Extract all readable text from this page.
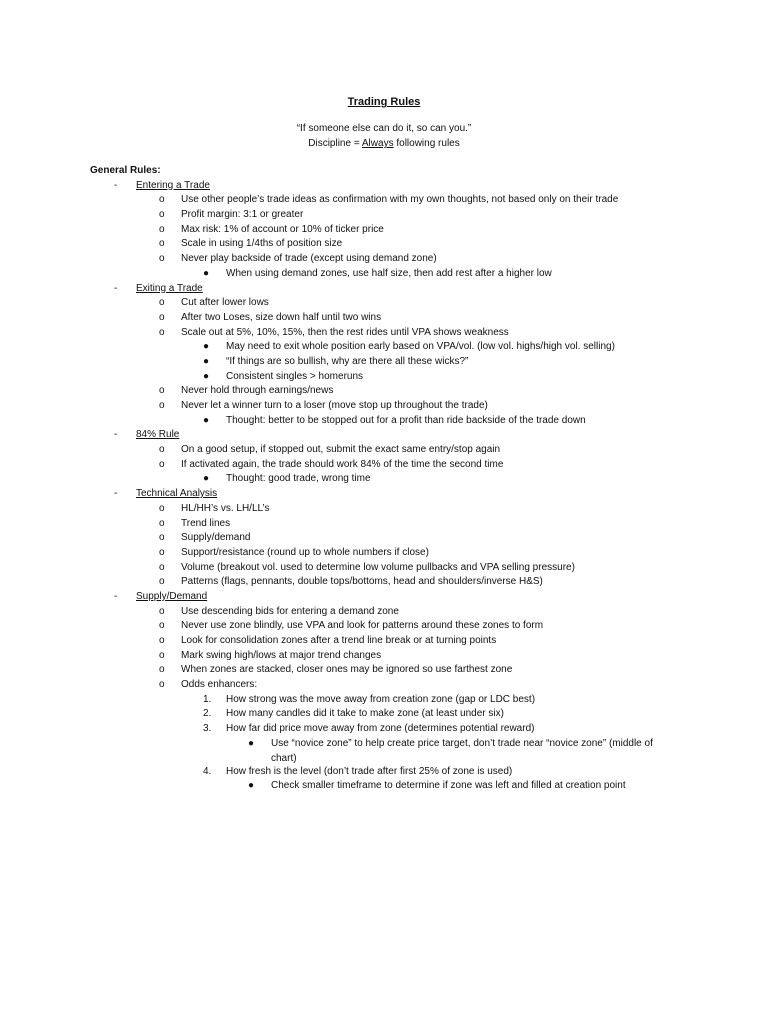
Trading Rules
“If someone else can do it, so can you.”
Discipline = Always following rules
General Rules:
- Entering a Trade
o Use other people’s trade ideas as confirmation with my own thoughts, not based only on their trade
o Profit margin: 3:1 or greater
o Max risk: 1% of account or 10% of ticker price
o Scale in using 1/4ths of position size
o Never play backside of trade (except using demand zone)
● When using demand zones, use half size, then add rest after a higher low
- Exiting a Trade
o Cut after lower lows
o After two Loses, size down half until two wins
o Scale out at 5%, 10%, 15%, then the rest rides until VPA shows weakness
● May need to exit whole position early based on VPA/vol. (low vol. highs/high vol. selling)
● “If things are so bullish, why are there all these wicks?”
● Consistent singles > homeruns
o Never hold through earnings/news
o Never let a winner turn to a loser (move stop up throughout the trade)
● Thought: better to be stopped out for a profit than ride backside of the trade down
- 84% Rule
o On a good setup, if stopped out, submit the exact same entry/stop again
o If activated again, the trade should work 84% of the time the second time
● Thought: good trade, wrong time
- Technical Analysis
o HL/HH’s vs. LH/LL’s
o Trend lines
o Supply/demand
o Support/resistance (round up to whole numbers if close)
o Volume (breakout vol. used to determine low volume pullbacks and VPA selling pressure)
o Patterns (flags, pennants, double tops/bottoms, head and shoulders/inverse H&S)
- Supply/Demand
o Use descending bids for entering a demand zone
o Never use zone blindly, use VPA and look for patterns around these zones to form
o Look for consolidation zones after a trend line break or at turning points
o Mark swing high/lows at major trend changes
o When zones are stacked, closer ones may be ignored so use farthest zone
o Odds enhancers:
1. How strong was the move away from creation zone (gap or LDC best)
2. How many candles did it take to make zone (at least under six)
3. How far did price move away from zone (determines potential reward)
● Use “novice zone” to help create price target, don’t trade near “novice zone” (middle of
chart)
4. How fresh is the level (don’t trade after first 25% of zone is used)
● Check smaller timeframe to determine if zone was left and filled at creation point
